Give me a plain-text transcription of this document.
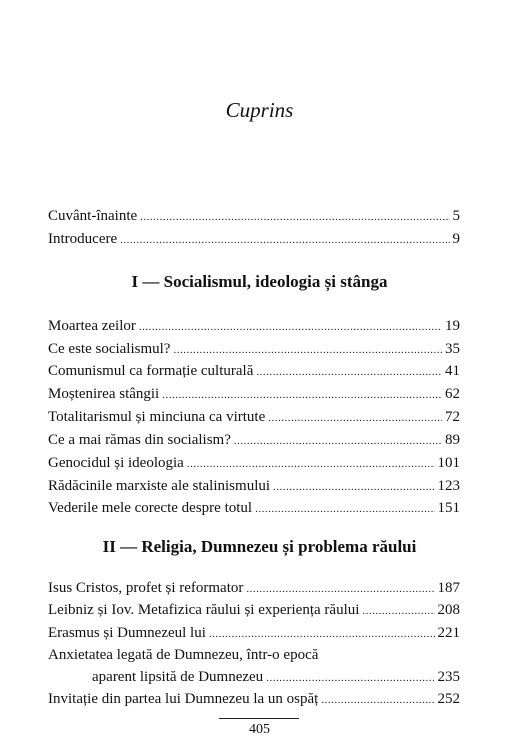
Cuprins
Cuvânt-înainte .....	5
Introducere .....	9
I — Socialismul, ideologia și stânga
Moartea zeilor .....	19
Ce este socialismul? .....	35
Comunismul ca formație culturală .....	41
Moștenirea stângii .....	62
Totalitarismul și minciuna ca virtute .....	72
Ce a mai rămas din socialism? .....	89
Genocidul și ideologia .....	101
Rădăcinile marxiste ale stalinismului .....	123
Vederile mele corecte despre totul .....	151
II — Religia, Dumnezeu și problema răului
Isus Cristos, profet și reformator .....	187
Leibniz și Iov. Metafizica răului și experiența răului .....	208
Erasmus și Dumnezeul lui .....	221
Anxietatea legată de Dumnezeu, într-o epocă
aparent lipsită de Dumnezeu .....	235
Invitație din partea lui Dumnezeu la un ospăț .....	252
405
